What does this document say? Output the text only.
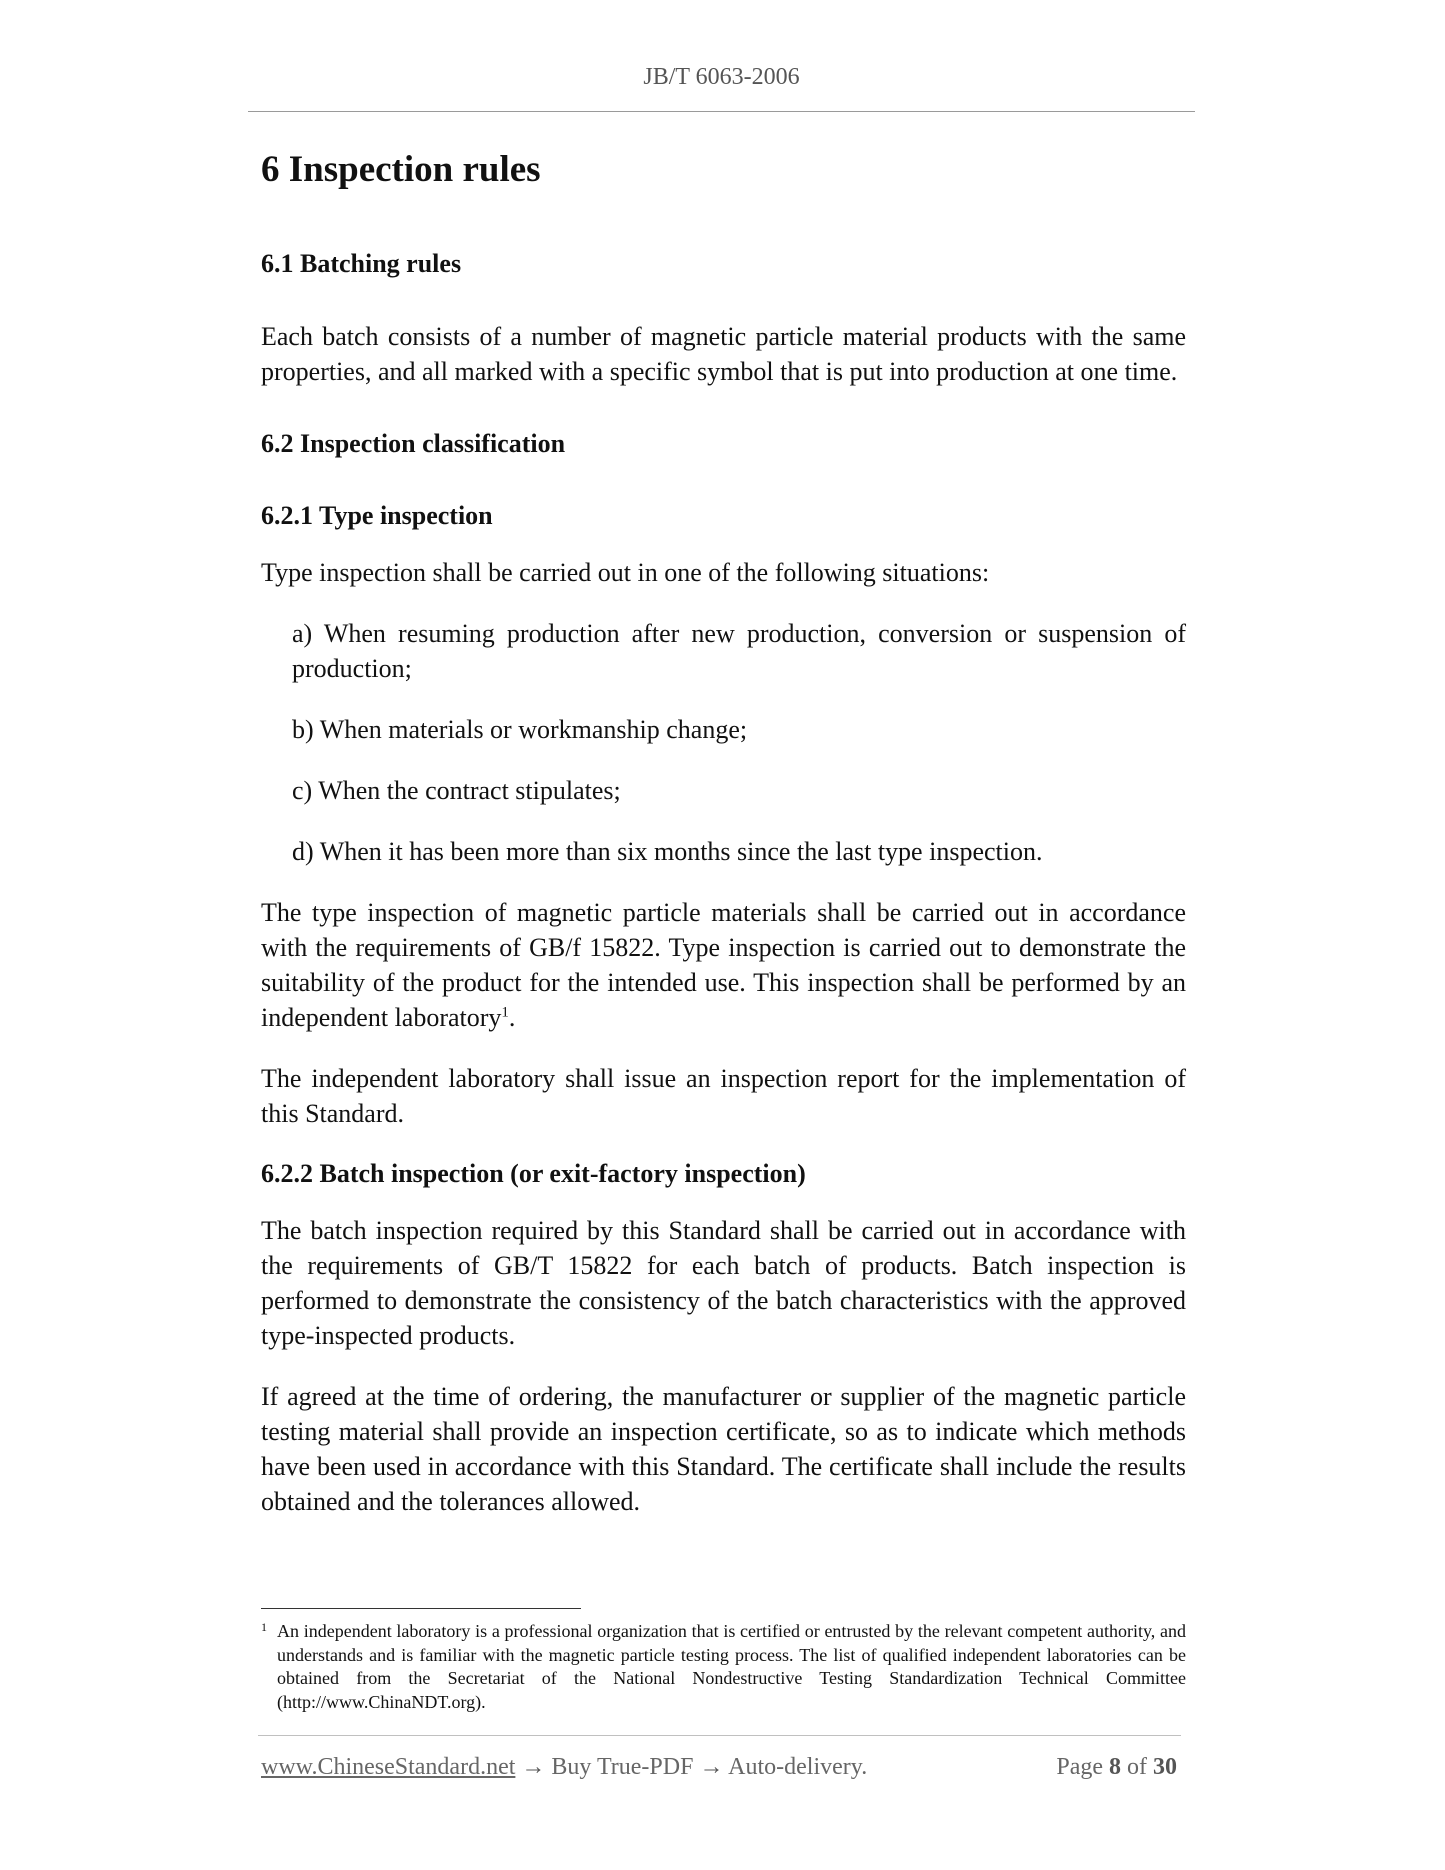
JB/T 6063-2006
6 Inspection rules
6.1 Batching rules

Each batch consists of a number of magnetic particle material products with the same properties, and all marked with a specific symbol that is put into production at one time.

6.2 Inspection classification
6.2.1 Type inspection

Type inspection shall be carried out in one of the following situations:

a) When resuming production after new production, conversion or suspension of production;
b) When materials or workmanship change;
c) When the contract stipulates;
d) When it has been more than six months since the last type inspection.

The type inspection of magnetic particle materials shall be carried out in accordance with the requirements of GB/f 15822. Type inspection is carried out to demonstrate the suitability of the product for the intended use. This inspection shall be performed by an independent laboratory$^1$.

The independent laboratory shall issue an inspection report for the implementation of this Standard.

6.2.2 Batch inspection (or exit-factory inspection)

The batch inspection required by this Standard shall be carried out in accordance with the requirements of GB/T 15822 for each batch of products. Batch inspection is performed to demonstrate the consistency of the batch characteristics with the approved type-inspected products.

If agreed at the time of ordering, the manufacturer or supplier of the magnetic particle testing material shall provide an inspection certificate, so as to indicate which methods have been used in accordance with this Standard. The certificate shall include the results obtained and the tolerances allowed.

1 An independent laboratory is a professional organization that is certified or entrusted by the relevant competent authority, and understands and is familiar with the magnetic particle testing process. The list of qualified independent laboratories can be obtained from the Secretariat of the National Nondestructive Testing Standardization Technical Committee (http://www.ChinaNDT.org).
www.ChineseStandard.net → Buy True-PDF → Auto-delivery.	Page 8 of 30
